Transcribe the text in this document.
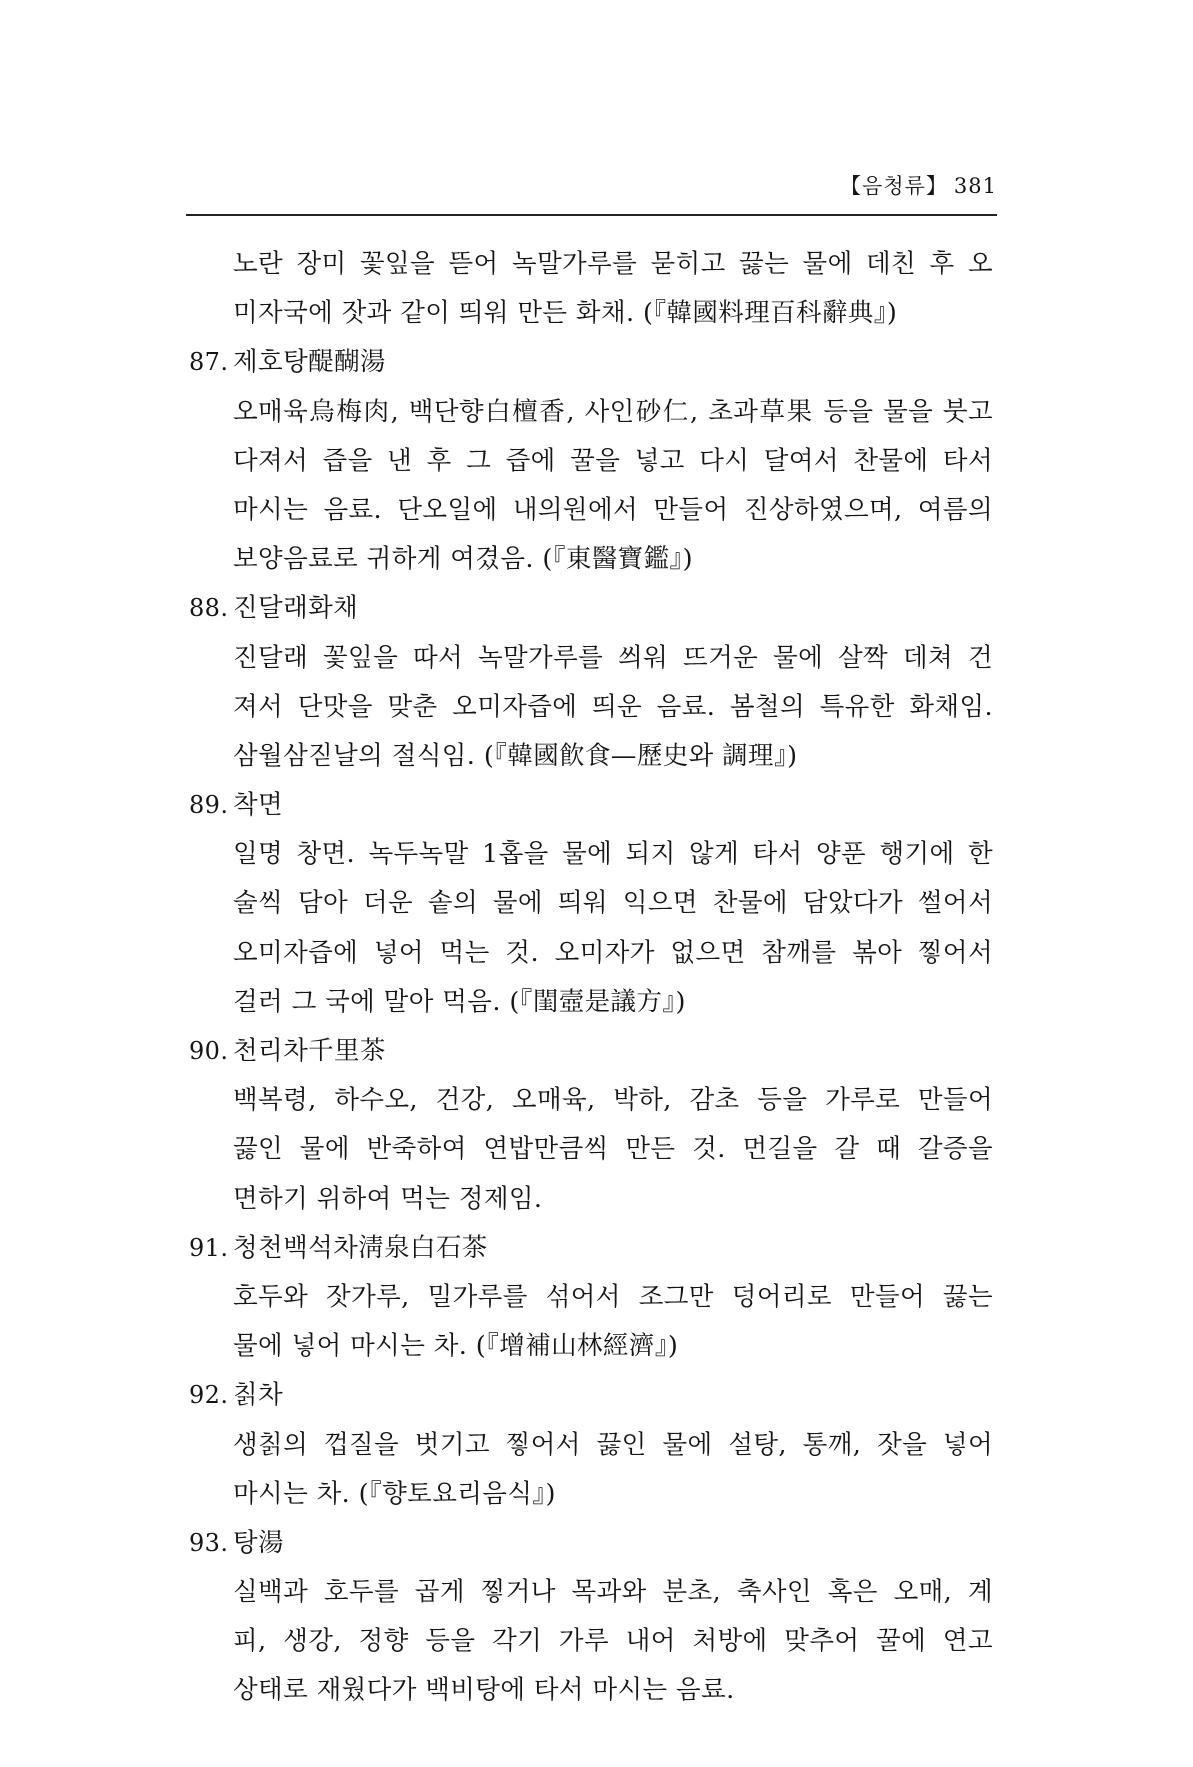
【음청류】 381
노란 장미 꽃잎을 뜯어 녹말가루를 묻히고 끓는 물에 데친 후 오
미자국에 잣과 같이 띄워 만든 화채. (『韓國料理百科辭典』)
87. 제호탕醍醐湯
오매육烏梅肉, 백단향白檀香, 사인砂仁, 초과草果 등을 물을 붓고
다져서 즙을 낸 후 그 즙에 꿀을 넣고 다시 달여서 찬물에 타서
마시는 음료. 단오일에 내의원에서 만들어 진상하였으며, 여름의
보양음료로 귀하게 여겼음. (『東醫寶鑑』)
88. 진달래화채
진달래 꽃잎을 따서 녹말가루를 씌워 뜨거운 물에 살짝 데쳐 건
져서 단맛을 맞춘 오미자즙에 띄운 음료. 봄철의 특유한 화채임.
삼월삼짇날의 절식임. (『韓國飮食—歷史와 調理』)
89. 착면
일명 창면. 녹두녹말 1홉을 물에 되지 않게 타서 양푼 행기에 한
술씩 담아 더운 솥의 물에 띄워 익으면 찬물에 담았다가 썰어서
오미자즙에 넣어 먹는 것. 오미자가 없으면 참깨를 볶아 찧어서
걸러 그 국에 말아 먹음. (『閨壼是議方』)
90. 천리차千里茶
백복령, 하수오, 건강, 오매육, 박하, 감초 등을 가루로 만들어
끓인 물에 반죽하여 연밥만큼씩 만든 것. 먼길을 갈 때 갈증을
면하기 위하여 먹는 정제임.
91. 청천백석차淸泉白石茶
호두와 잣가루, 밀가루를 섞어서 조그만 덩어리로 만들어 끓는
물에 넣어 마시는 차. (『增補山林經濟』)
92. 칡차
생칡의 껍질을 벗기고 찧어서 끓인 물에 설탕, 통깨, 잣을 넣어
마시는 차. (『향토요리음식』)
93. 탕湯
실백과 호두를 곱게 찧거나 목과와 분초, 축사인 혹은 오매, 계
피, 생강, 정향 등을 각기 가루 내어 처방에 맞추어 꿀에 연고
상태로 재웠다가 백비탕에 타서 마시는 음료.
